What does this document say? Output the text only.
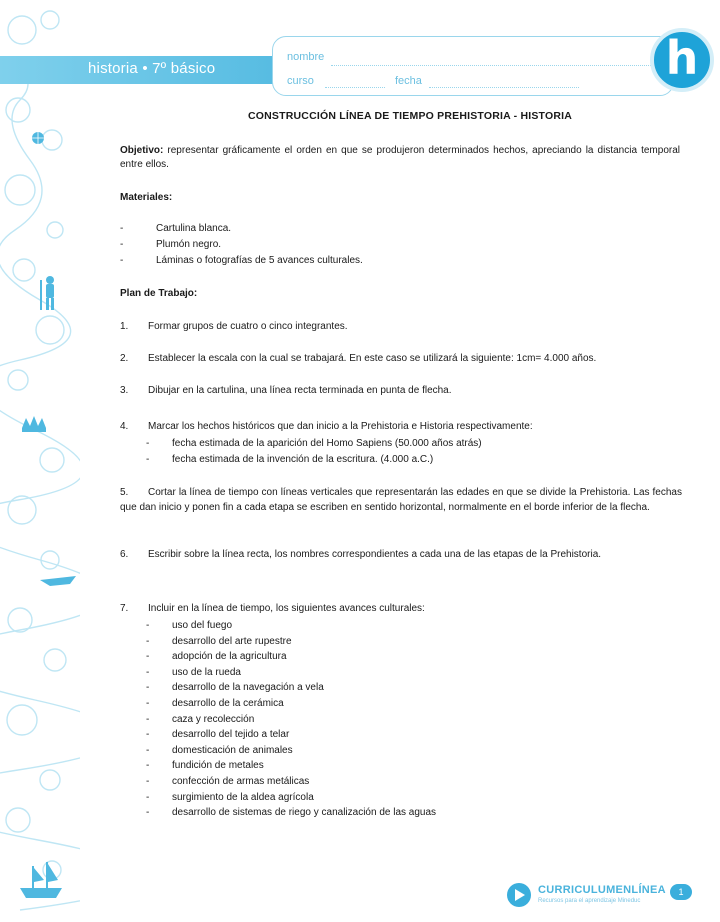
historia • 7º básico
nombre
curso	fecha	h
CONSTRUCCIÓN LÍNEA DE TIEMPO PREHISTORIA - HISTORIA
Objetivo: representar gráficamente el orden en que se produjeron determinados hechos, apreciando la distancia temporal entre ellos.
Materiales:
-	Cartulina blanca.
-	Plumón negro.
-	Láminas o fotografías de 5 avances culturales.
Plan de Trabajo:
1. Formar grupos de cuatro o cinco integrantes.
2. Establecer la escala con la cual se trabajará. En este caso se utilizará la siguiente: 1cm= 4.000 años.
3. Dibujar en la cartulina, una línea recta terminada en punta de flecha.
4. Marcar los hechos históricos que dan inicio a la Prehistoria e Historia respectivamente:
- fecha estimada de la aparición del Homo Sapiens (50.000 años atrás)
- fecha estimada de la invención de la escritura. (4.000 a.C.)
5. Cortar la línea de tiempo con líneas verticales que representarán las edades en que se divide la Prehistoria. Las fechas que dan inicio y ponen fin a cada etapa se escriben en sentido horizontal, normalmente en el borde inferior de la flecha.
6. Escribir sobre la línea recta, los nombres correspondientes a cada una de las etapas de la Prehistoria.
7. Incluir en la línea de tiempo, los siguientes avances culturales:
- uso del fuego
- desarrollo del arte rupestre
- adopción de la agricultura
- uso de la rueda
- desarrollo de la navegación a vela
- desarrollo de la cerámica
- caza y recolección
- desarrollo del tejido a telar
- domesticación de animales
- fundición de metales
- confección de armas metálicas
- surgimiento de la aldea agrícola
- desarrollo de sistemas de riego y canalización de las aguas
CURRICULUMENLÍNEA
Recursos para el aprendizaje Mineduc
1
